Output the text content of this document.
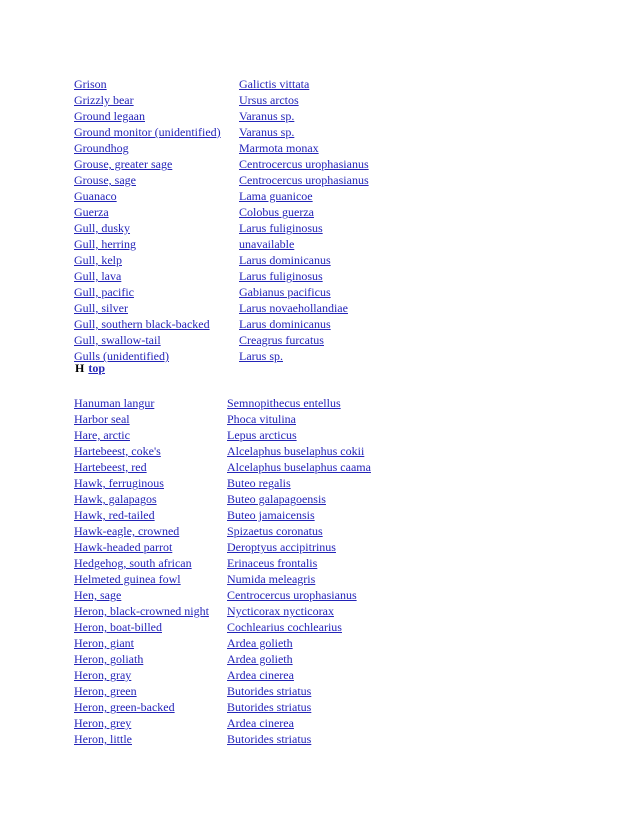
Grison	Galictis vittata
Grizzly bear	Ursus arctos
Ground legaan	Varanus sp.
Ground monitor (unidentified)	Varanus sp.
Groundhog	Marmota monax
Grouse, greater sage	Centrocercus urophasianus
Grouse, sage	Centrocercus urophasianus
Guanaco	Lama guanicoe
Guerza	Colobus guerza
Gull, dusky	Larus fuliginosus
Gull, herring	unavailable
Gull, kelp	Larus dominicanus
Gull, lava	Larus fuliginosus
Gull, pacific	Gabianus pacificus
Gull, silver	Larus novaehollandiae
Gull, southern black-backed	Larus dominicanus
Gull, swallow-tail	Creagrus furcatus
Gulls (unidentified)	Larus sp.
H top
Hanuman langur	Semnopithecus entellus
Harbor seal	Phoca vitulina
Hare, arctic	Lepus arcticus
Hartebeest, coke's	Alcelaphus buselaphus cokii
Hartebeest, red	Alcelaphus buselaphus caama
Hawk, ferruginous	Buteo regalis
Hawk, galapagos	Buteo galapagoensis
Hawk, red-tailed	Buteo jamaicensis
Hawk-eagle, crowned	Spizaetus coronatus
Hawk-headed parrot	Deroptyus accipitrinus
Hedgehog, south african	Erinaceus frontalis
Helmeted guinea fowl	Numida meleagris
Hen, sage	Centrocercus urophasianus
Heron, black-crowned night	Nycticorax nycticorax
Heron, boat-billed	Cochlearius cochlearius
Heron, giant	Ardea golieth
Heron, goliath	Ardea golieth
Heron, gray	Ardea cinerea
Heron, green	Butorides striatus
Heron, green-backed	Butorides striatus
Heron, grey	Ardea cinerea
Heron, little	Butorides striatus
